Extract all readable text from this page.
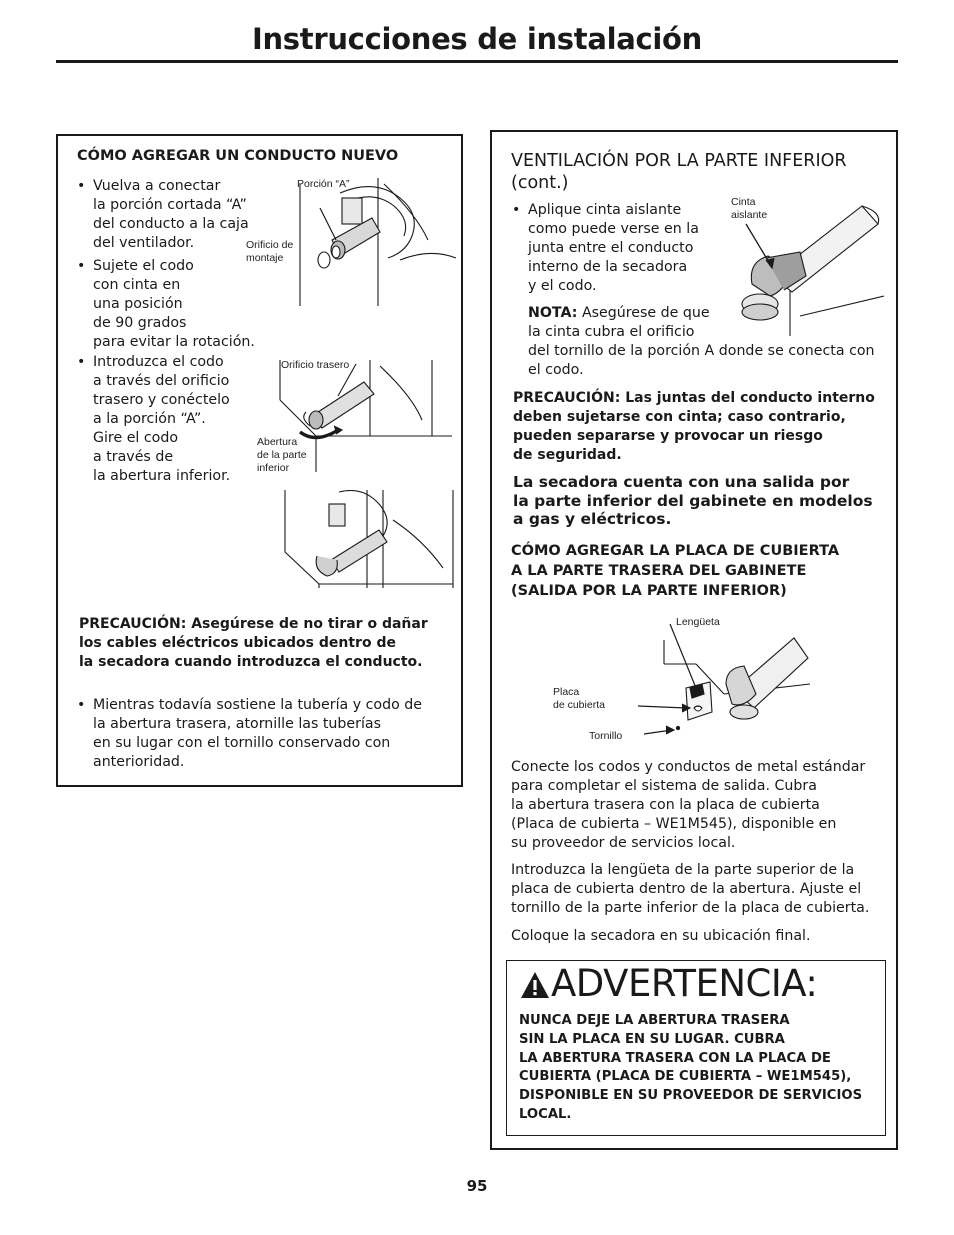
Instrucciones de instalación
CÓMO AGREGAR UN CONDUCTO NUEVO
• Vuelva a conectar
la porción cortada “A”
del conducto a la caja
del ventilador.
• Sujete el codo
con cinta en
una posición
de 90 grados
para evitar la rotación.
• Introduzca el codo
a través del orificio
trasero y conéctelo
a la porción “A”.
Gire el codo
a través de
la abertura inferior.
Porción “A”
Orificio de
montaje
Orificio trasero
Abertura
de la parte
inferior
PRECAUCIÓN: Asegúrese de no tirar o dañar
los cables eléctricos ubicados dentro de
la secadora cuando introduzca el conducto.
• Mientras todavía sostiene la tubería y codo de
la abertura trasera, atornille las tuberías
en su lugar con el tornillo conservado con
anterioridad.
VENTILACIÓN POR LA PARTE INFERIOR
(cont.)
• Aplique cinta aislante
como puede verse en la
junta entre el conducto
interno de la secadora
y el codo.
NOTA: Asegúrese de que
la cinta cubra el orificio
del tornillo de la porción A donde se conecta con
el codo.
Cinta
aislante
PRECAUCIÓN: Las juntas del conducto interno
deben sujetarse con cinta; caso contrario,
pueden separarse y provocar un riesgo
de seguridad.
La secadora cuenta con una salida por
la parte inferior del gabinete en modelos
a gas y eléctricos.
CÓMO AGREGAR LA PLACA DE CUBIERTA
A LA PARTE TRASERA DEL GABINETE
(SALIDA POR LA PARTE INFERIOR)
Lengüeta
Placa
de cubierta
Tornillo
Conecte los codos y conductos de metal estándar
para completar el sistema de salida. Cubra
la abertura trasera con la placa de cubierta
(Placa de cubierta – WE1M545), disponible en
su proveedor de servicios local.
Introduzca la lengüeta de la parte superior de la
placa de cubierta dentro de la abertura. Ajuste el
tornillo de la parte inferior de la placa de cubierta.
Coloque la secadora en su ubicación final.
ADVERTENCIA:
NUNCA DEJE LA ABERTURA TRASERA
SIN LA PLACA EN SU LUGAR. CUBRA
LA ABERTURA TRASERA CON LA PLACA DE
CUBIERTA (PLACA DE CUBIERTA – WE1M545),
DISPONIBLE EN SU PROVEEDOR DE SERVICIOS
LOCAL.
95
